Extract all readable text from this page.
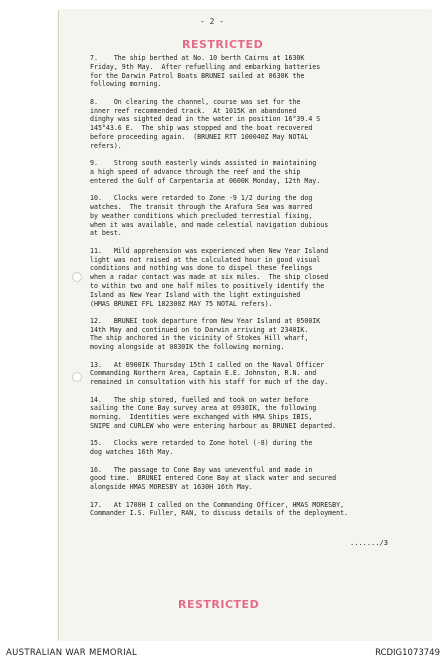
- 2 -
RESTRICTED

7.    The ship berthed at No. 10 berth Cairns at 1630K
Friday, 9th May.  After refuelling and embarking batteries
for the Darwin Patrol Boats BRUNEI sailed at 0630K the
following morning.

8.    On clearing the channel, course was set for the
inner reef recommended track.  At 1015K an abandoned
dinghy was sighted dead in the water in position 16°39.4 S
145°43.6 E.  The ship was stopped and the boat recovered
before proceeding again.  (BRUNEI RTT 100040Z May NOTAL
refers).

9.    Strong south easterly winds assisted in maintaining
a high speed of advance through the reef and the ship
entered the Gulf of Carpentaria at 0600K Monday, 12th May.

10.   Clocks were retarded to Zone -9 1/2 during the dog
watches.  The transit through the Arafura Sea was marred
by weather conditions which precluded terrestial fixing,
when it was available, and made celestial navigation dubious
at best.

11.   Mild apprehension was experienced when New Year Island
light was not raised at the calculated hour in good visual
conditions and nothing was done to dispel these feelings
when a radar contact was made at six miles.  The ship closed
to within two and one half miles to positively identify the
Island as New Year Island with the light extinguished
(HMAS BRUNEI FFL 182300Z MAY 75 NOTAL refers).

12.   BRUNEI took departure from New Year Island at 0500IK
14th May and continued on to Darwin arriving at 2340IK.
The ship anchored in the vicinity of Stokes Hill wharf,
moving alongside at 0830IK the following morning.

13.   At 0900IK Thursday 15th I called on the Naval Officer
Commanding Northern Area, Captain E.E. Johnston, R.N. and
remained in consultation with his staff for much of the day.

14.   The ship stored, fuelled and took on water before
sailing the Cone Bay survey area at 0930IK, the following
morning.  Identities were exchanged with HMA Ships IBIS,
SNIPE and CURLEW who were entering harbour as BRUNEI departed.

15.   Clocks were retarded to Zone hotel (-8) during the
dog watches 16th May.

16.   The passage to Cone Bay was uneventful and made in
good time.  BRUNEI entered Cone Bay at slack water and secured
alongside HMAS MORESBY at 1630H 16th May.

17.   At 1700H I called on the Commanding Officer, HMAS MORESBY,
Commander I.S. Fuller, RAN, to discuss details of the deployment.

......./3
RESTRICTED
AUSTRALIAN WAR MEMORIAL	RCDIG1073749
